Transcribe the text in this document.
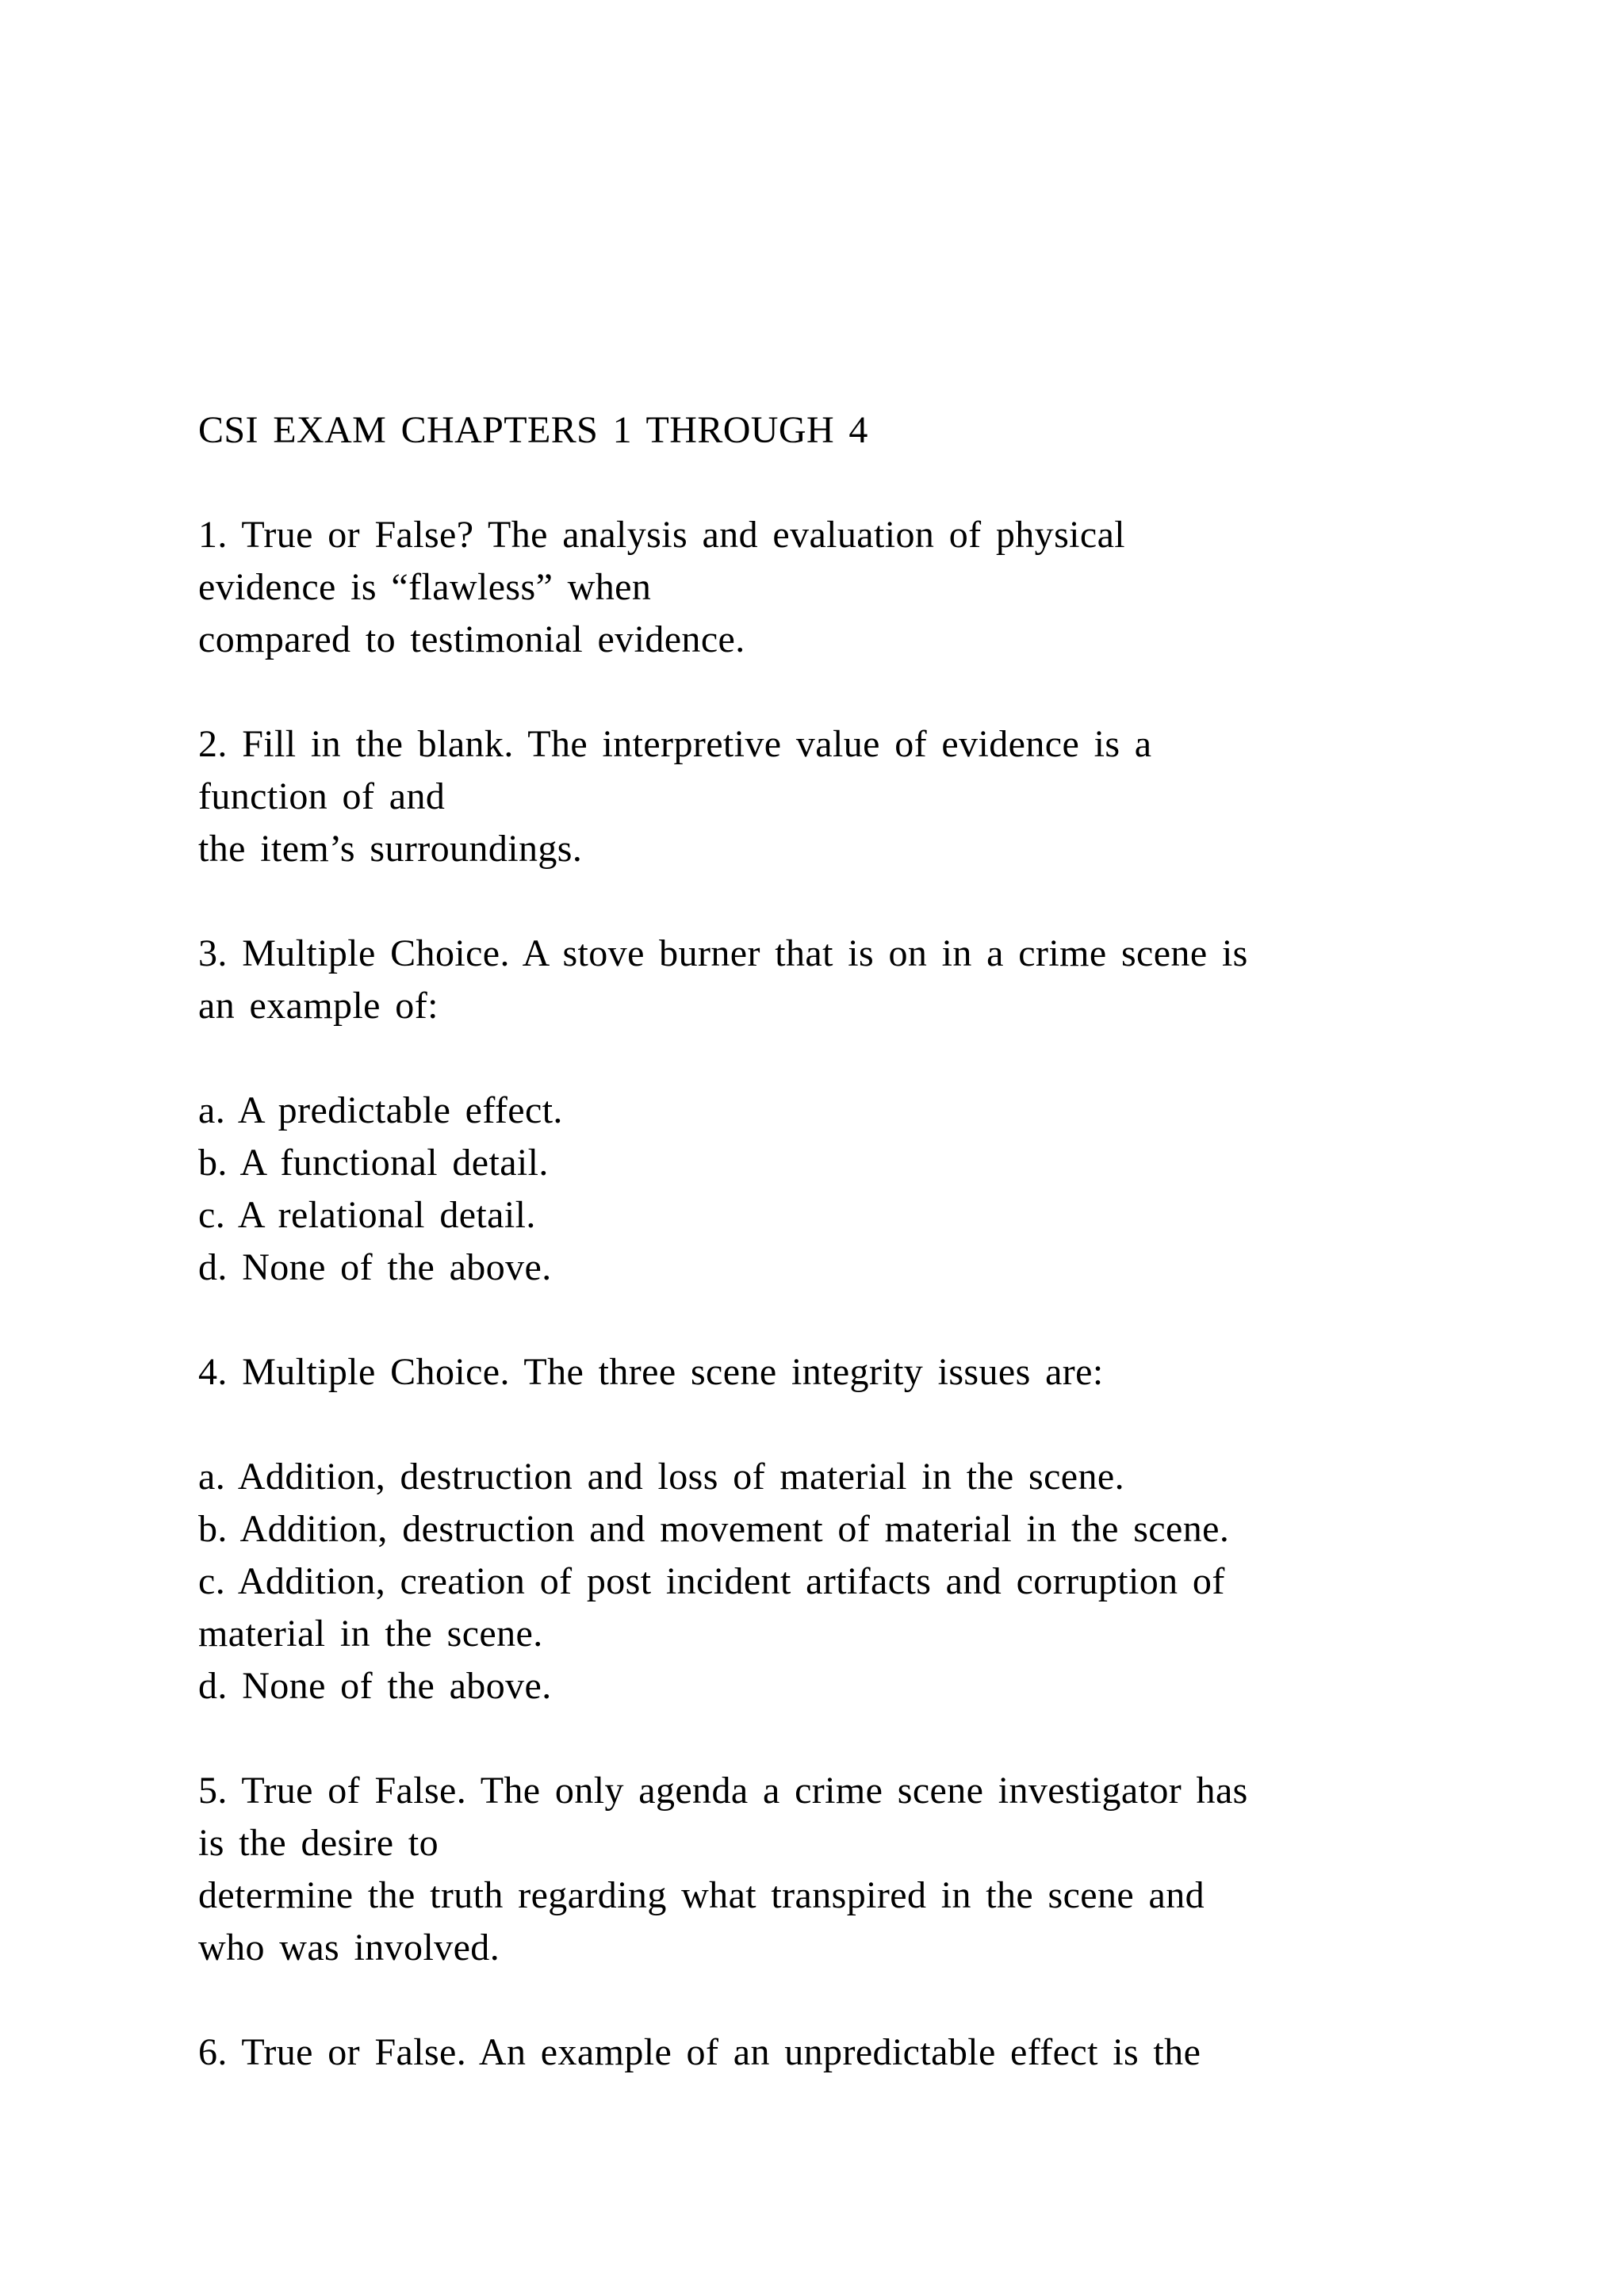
CSI EXAM CHAPTERS 1 THROUGH 4
1. True or False? The analysis and evaluation of physical
evidence is “flawless” when
compared to testimonial evidence.
2. Fill in the blank. The interpretive value of evidence is a
function of and
the item’s surroundings.
3. Multiple Choice. A stove burner that is on in a crime scene is
an example of:
a. A predictable effect.
b. A functional detail.
c. A relational detail.
d. None of the above.
4. Multiple Choice. The three scene integrity issues are:
a. Addition, destruction and loss of material in the scene.
b. Addition, destruction and movement of material in the scene.
c. Addition, creation of post incident artifacts and corruption of
material in the scene.
d. None of the above.
5. True of False. The only agenda a crime scene investigator has
is the desire to
determine the truth regarding what transpired in the scene and
who was involved.
6. True or False. An example of an unpredictable effect is the
